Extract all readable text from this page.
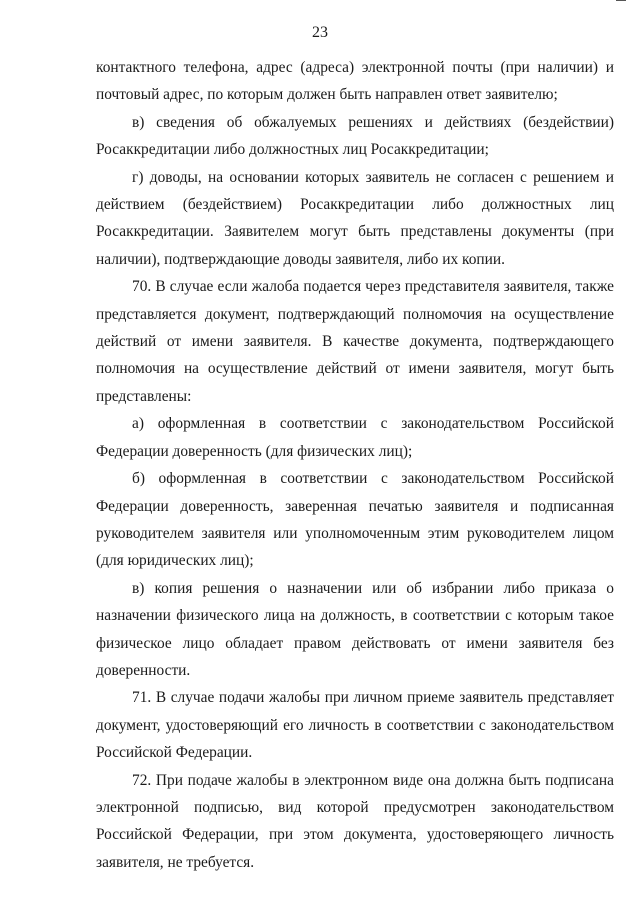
23

контактного телефона, адрес (адреса) электронной почты (при наличии) и почтовый адрес, по которым должен быть направлен ответ заявителю;

в) сведения об обжалуемых решениях и действиях (бездействии) Росаккредитации либо должностных лиц Росаккредитации;

г) доводы, на основании которых заявитель не согласен с решением и действием (бездействием) Росаккредитации либо должностных лиц Росаккредитации. Заявителем могут быть представлены документы (при наличии), подтверждающие доводы заявителя, либо их копии.

70. В случае если жалоба подается через представителя заявителя, также представляется документ, подтверждающий полномочия на осуществление действий от имени заявителя. В качестве документа, подтверждающего полномочия на осуществление действий от имени заявителя, могут быть представлены:

а) оформленная в соответствии с законодательством Российской Федерации доверенность (для физических лиц);

б) оформленная в соответствии с законодательством Российской Федерации доверенность, заверенная печатью заявителя и подписанная руководителем заявителя или уполномоченным этим руководителем лицом (для юридических лиц);

в) копия решения о назначении или об избрании либо приказа о назначении физического лица на должность, в соответствии с которым такое физическое лицо обладает правом действовать от имени заявителя без доверенности.

71. В случае подачи жалобы при личном приеме заявитель представляет документ, удостоверяющий его личность в соответствии с законодательством Российской Федерации.

72. При подаче жалобы в электронном виде она должна быть подписана электронной подписью, вид которой предусмотрен законодательством Российской Федерации, при этом документа, удостоверяющего личность заявителя, не требуется.
